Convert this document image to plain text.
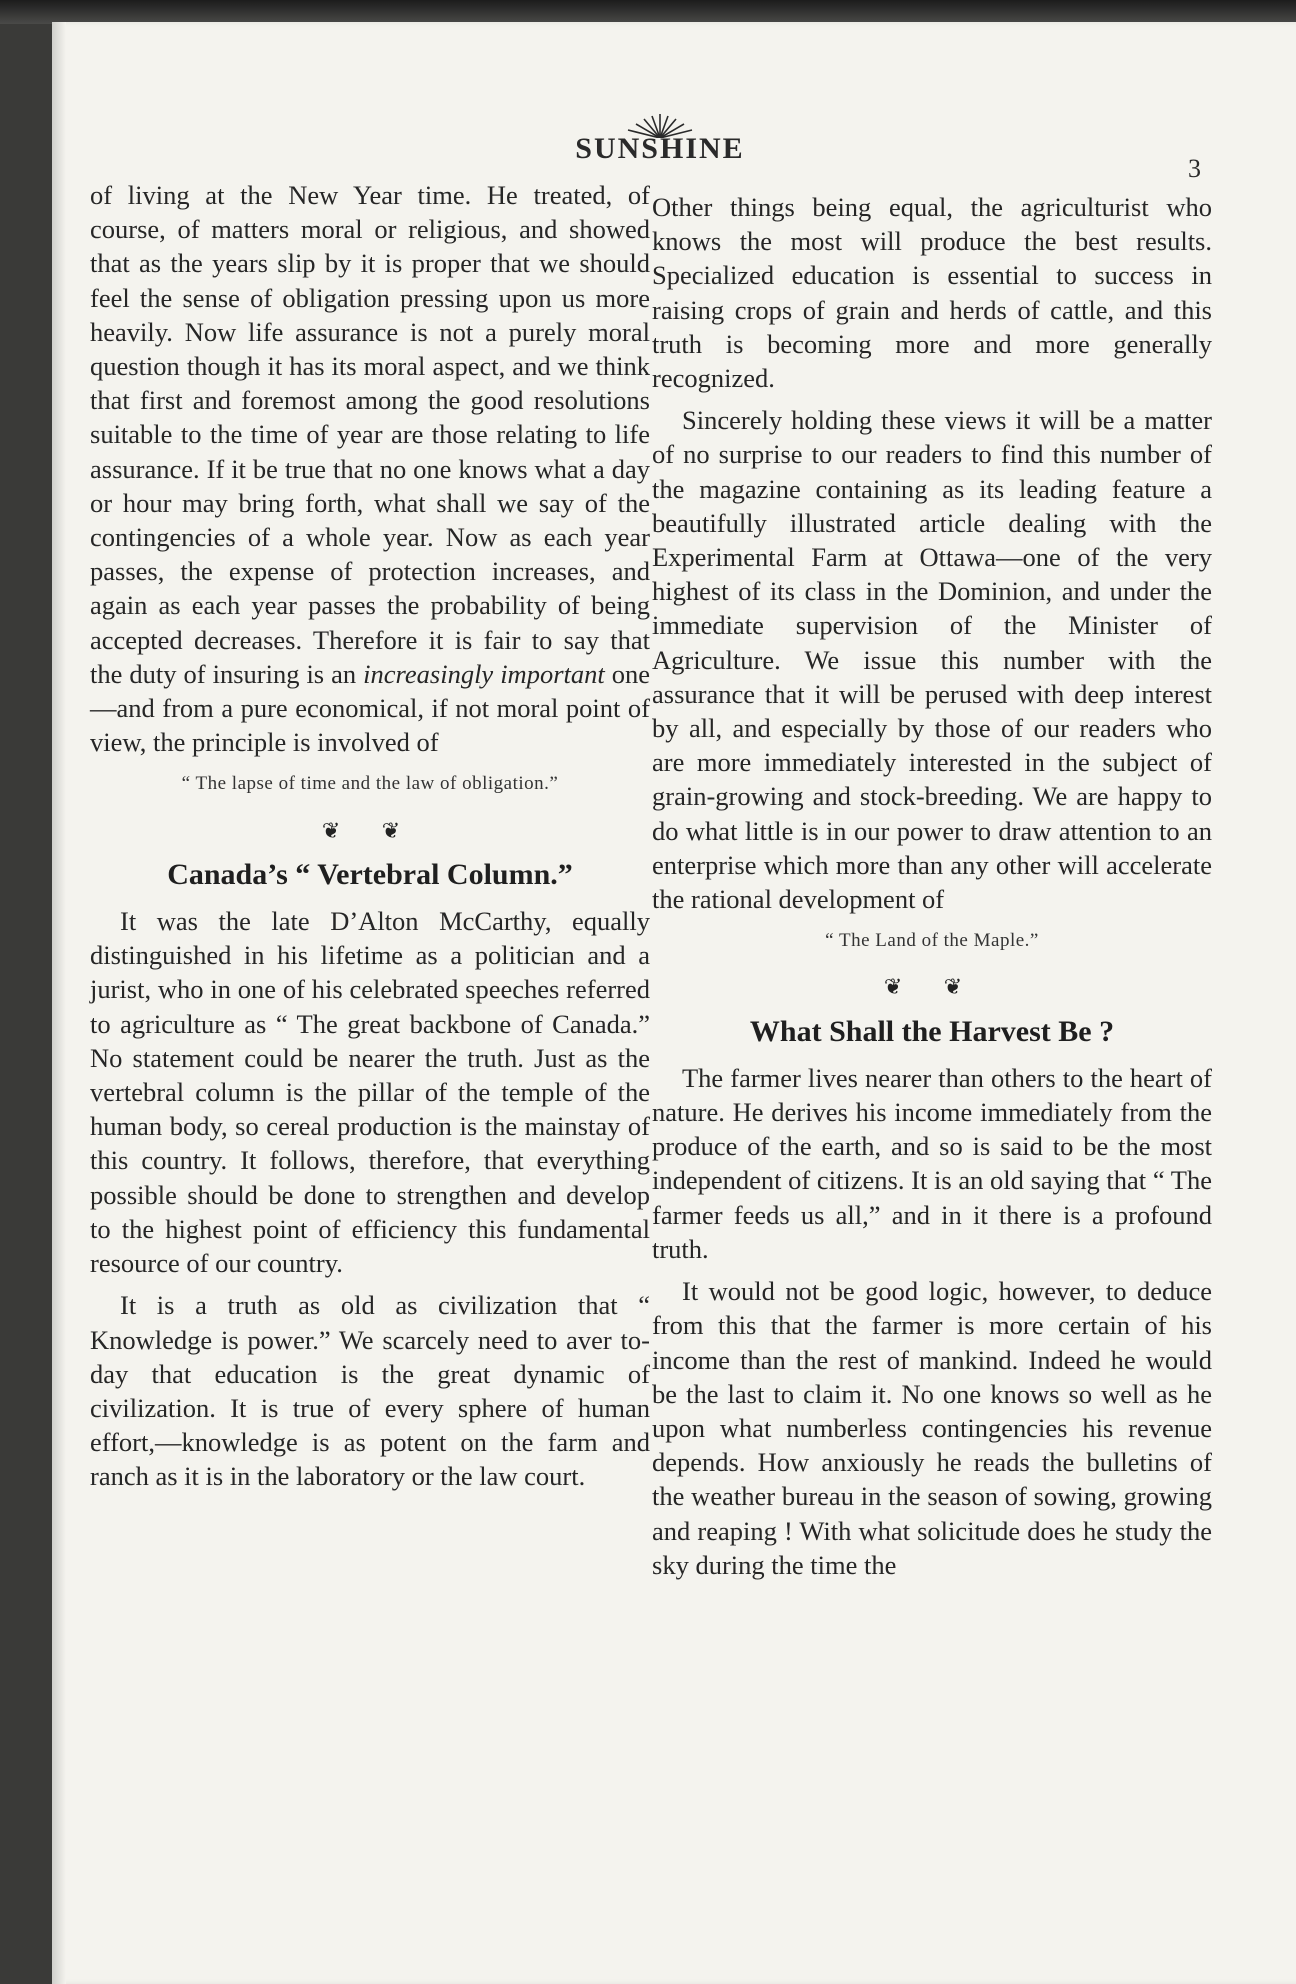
SUNSHINE
3

of living at the New Year time. He treated, of course, of matters moral or religious, and showed that as the years slip by it is proper that we should feel the sense of obligation pressing upon us more heavily. Now life assurance is not a purely moral question though it has its moral aspect, and we think that first and foremost among the good resolutions suitable to the time of year are those relating to life assurance. If it be true that no one knows what a day or hour may bring forth, what shall we say of the contingencies of a whole year. Now as each year passes, the expense of protection increases, and again as each year passes the probability of being accepted decreases. Therefore it is fair to say that the duty of insuring is an increasingly important one—and from a pure economical, if not moral point of view, the principle is involved of

“ The lapse of time and the law of obligation.”
❦ ❦
Canada’s “ Vertebral Column.”

It was the late D’Alton McCarthy, equally distinguished in his lifetime as a politician and a jurist, who in one of his celebrated speeches referred to agriculture as “ The great backbone of Canada.” No statement could be nearer the truth. Just as the vertebral column is the pillar of the temple of the human body, so cereal production is the mainstay of this country. It follows, therefore, that everything possible should be done to strengthen and develop to the highest point of efficiency this fundamental resource of our country.

It is a truth as old as civilization that “ Knowledge is power.” We scarcely need to aver to-day that education is the great dynamic of civilization. It is true of every sphere of human effort,—knowledge is as potent on the farm and ranch as it is in the laboratory or the law court.

Other things being equal, the agriculturist who knows the most will produce the best results. Specialized education is essential to success in raising crops of grain and herds of cattle, and this truth is becoming more and more generally recognized.

Sincerely holding these views it will be a matter of no surprise to our readers to find this number of the magazine containing as its leading feature a beautifully illustrated article dealing with the Experimental Farm at Ottawa—one of the very highest of its class in the Dominion, and under the immediate supervision of the Minister of Agriculture. We issue this number with the assurance that it will be perused with deep interest by all, and especially by those of our readers who are more immediately interested in the subject of grain-growing and stock-breeding. We are happy to do what little is in our power to draw attention to an enterprise which more than any other will accelerate the rational development of

“ The Land of the Maple.”
❦ ❦
What Shall the Harvest Be ?

The farmer lives nearer than others to the heart of nature. He derives his income immediately from the produce of the earth, and so is said to be the most independent of citizens. It is an old saying that “ The farmer feeds us all,” and in it there is a profound truth.

It would not be good logic, however, to deduce from this that the farmer is more certain of his income than the rest of mankind. Indeed he would be the last to claim it. No one knows so well as he upon what numberless contingencies his revenue depends. How anxiously he reads the bulletins of the weather bureau in the season of sowing, growing and reaping ! With what solicitude does he study the sky during the time the
